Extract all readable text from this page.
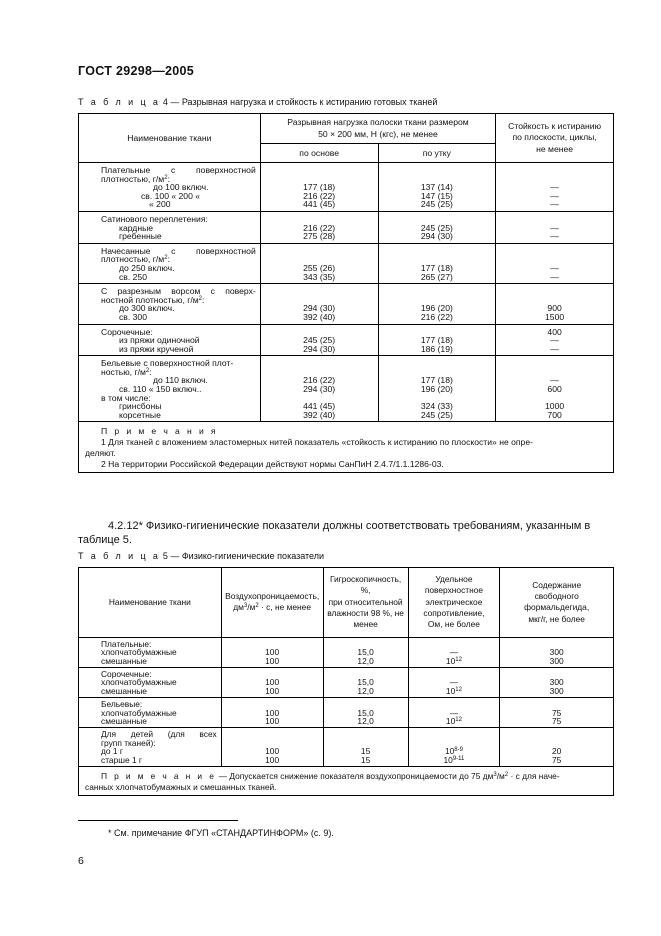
ГОСТ 29298—2005
Т а б л и ц а 4 — Разрывная нагрузка и стойкость к истиранию готовых тканей
Наименование ткани	Разрывная нагрузка полоски ткани размером
50 × 200 мм, Н (кгс), не менее		Стойкость к истиранию
по плоскости, циклы,
не менее
	по основе	по утку	

Плательные с поверхностной			

плотностью, $г/м^2$:			

до 100 включ.	177 (18)	137 (14)	—

св. 100 « 200 «	216 (22)	147 (15)	—

« 200	441 (45)	245 (25)	—
Сатинового переплетения:			

кардные	216 (22)	245 (25)	—

гребенные	275 (28)	294 (30)	—

Начесанные с поверхностной			

плотностью, $г/м^2$:			

до 250 включ.	255 (26)	177 (18)	—

св. 250	343 (35)	265 (27)	—

С разрезным ворсом с поверх-			

ностной плотностью, $г/м^2$:			

до 300 включ.	294 (30)	196 (20)	900

св. 300	392 (40)	216 (22)	1500
Сорочечные:			400

из пряжи одиночной	245 (25)	177 (18)	—

из пряжи крученой	294 (30)	186 (19)	—
Бельевые с поверхностной плот-			
ностью, $г/м^2$:			

до 110 включ.	216 (22)	177 (18)	—

св. 110 « 150 включ..	294 (30)	196 (20)	600
в том числе:			

гринсбоны	441 (45)	324 (33)	1000

корсетные	392 (40)	245 (25)	700
П р и м е ч а н и я

1 Для тканей с вложением эластомерных нитей показатель «стойкость к истиранию по плоскости» не опре-
деляют.
2 На территории Российской Федерации действуют нормы СанПиН 2.4.7/1.1.1286-03.			
4.2.12* Физико-гигиенические показатели должны соответствовать требованиям, указанным в
таблице 5.
Т а б л и ц а 5 — Физико-гигиенические показатели
Наименование ткани	Воздухопроницаемость,
$дм^3/м^2 \cdot с$, не менее	Гигроскопичность, %,
при относительной
влажности 98 %, не
менее	Удельное
поверхностное
электрическое
сопротивление,
Ом, не более	Содержание
свободного
формальдегида,
мкг/г, не более
Плательные:				
хлопчатобумажные	100	15,0	—	300
смешанные	100	12,0	$10^{12}$	300
Сорочечные:				
хлопчатобумажные	100	15,0	—	300
смешанные	100	12,0	$10^{12}$	300
Бельевые:				
хлопчатобумажные	100	15,0	—	75
смешанные	100	12,0	$10^{12}$	75

Для детей (для всех				

групп тканей):				
до 1 г	100	15	10$^{8-9}$	20
старше 1 г	100	15	10$^{9-11}$	75
П р и м е ч а н и е — Допускается снижение показателя воздухопроницаемости до 75 $дм^3/м^2 \cdot с$ для наче-
санных хлопчатобумажных и смешанных тканей.				
* См. примечание ФГУП «СТАНДАРТИНФОРМ» (с. 9).
6
